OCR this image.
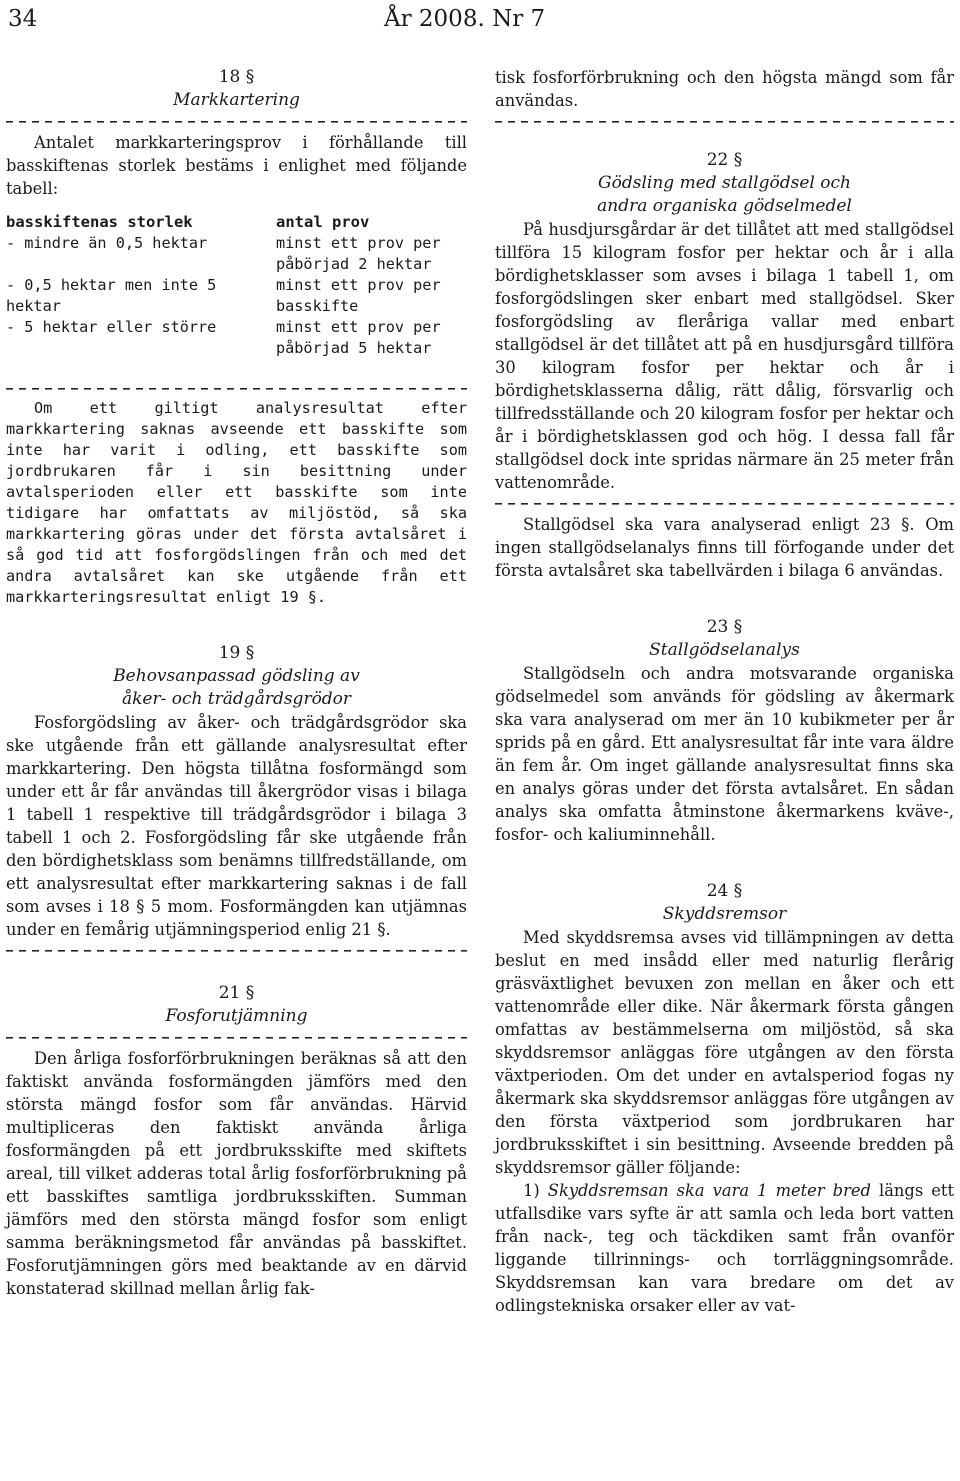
34	År 2008. Nr 7
18 §
Markkartering

Antalet markkarteringsprov i förhållande till basskiftenas storlek bestäms i enlighet med följande tabell:

basskiftenas storlek	antal prov
- mindre än 0,5 hektar	minst ett prov per påbörjad 2 hektar
- 0,5 hektar men inte 5 hektar	minst ett prov per basskifte
- 5 hektar eller större	minst ett prov per påbörjad 5 hektar

Om ett giltigt analysresultat efter markkartering saknas avseende ett basskifte som inte har varit i odling, ett basskifte som jordbrukaren får i sin besittning under avtalsperioden eller ett basskifte som inte tidigare har omfattats av miljöstöd, så ska markkartering göras under det första avtalsåret i så god tid att fosforgödslingen från och med det andra avtalsåret kan ske utgående från ett markkarteringsresultat enligt 19 §.

19 §
Behovsanpassad gödsling av
åker- och trädgårdsgrödor

Fosforgödsling av åker- och trädgårdsgrödor ska ske utgående från ett gällande analysresultat efter markkartering. Den högsta tillåtna fosformängd som under ett år får användas till åkergrödor visas i bilaga 1 tabell 1 respektive till trädgårdsgrödor i bilaga 3 tabell 1 och 2. Fosforgödsling får ske utgående från den bördighetsklass som benämns tillfredställande, om ett analysresultat efter markkartering saknas i de fall som avses i 18 § 5 mom. Fosformängden kan utjämnas under en femårig utjämningsperiod enlig 21 §.

21 §
Fosforutjämning

Den årliga fosforförbrukningen beräknas så att den faktiskt använda fosformängden jämförs med den största mängd fosfor som får användas. Härvid multipliceras den faktiskt använda årliga fosformängden på ett jordbruksskifte med skiftets areal, till vilket adderas total årlig fosforförbrukning på ett basskiftes samtliga jordbruksskiften. Summan jämförs med den största mängd fosfor som enligt samma beräkningsmetod får användas på basskiftet. Fosforutjämningen görs med beaktande av en därvid konstaterad skillnad mellan årlig fak-

tisk fosforförbrukning och den högsta mängd som får användas.

22 §
Gödsling med stallgödsel och
andra organiska gödselmedel

På husdjursgårdar är det tillåtet att med stallgödsel tillföra 15 kilogram fosfor per hektar och år i alla bördighetsklasser som avses i bilaga 1 tabell 1, om fosforgödslingen sker enbart med stallgödsel. Sker fosforgödsling av fleråriga vallar med enbart stallgödsel är det tillåtet att på en husdjursgård tillföra 30 kilogram fosfor per hektar och år i bördighetsklasserna dålig, rätt dålig, försvarlig och tillfredsställande och 20 kilogram fosfor per hektar och år i bördighetsklassen god och hög. I dessa fall får stallgödsel dock inte spridas närmare än 25 meter från vattenområde.

Stallgödsel ska vara analyserad enligt 23 §. Om ingen stallgödselanalys finns till förfogande under det första avtalsåret ska tabellvärden i bilaga 6 användas.

23 §
Stallgödselanalys

Stallgödseln och andra motsvarande organiska gödselmedel som används för gödsling av åkermark ska vara analyserad om mer än 10 kubikmeter per år sprids på en gård. Ett analysresultat får inte vara äldre än fem år. Om inget gällande analysresultat finns ska en analys göras under det första avtalsåret. En sådan analys ska omfatta åtminstone åkermarkens kväve-, fosfor- och kaliuminnehåll.

24 §
Skyddsremsor

Med skyddsremsa avses vid tillämpningen av detta beslut en med insådd eller med naturlig flerårig gräsväxtlighet bevuxen zon mellan en åker och ett vattenområde eller dike. När åkermark första gången omfattas av bestämmelserna om miljöstöd, så ska skyddsremsor anläggas före utgången av den första växtperioden. Om det under en avtalsperiod fogas ny åkermark ska skyddsremsor anläggas före utgången av den första växtperiod som jordbrukaren har jordbruksskiftet i sin besittning. Avseende bredden på skyddsremsor gäller följande:

1) Skyddsremsan ska vara 1 meter bred längs ett utfallsdike vars syfte är att samla och leda bort vatten från nack-, teg och täckdiken samt från ovanför liggande tillrinnings- och torrläggningsområde. Skyddsremsan kan vara bredare om det av odlingstekniska orsaker eller av vat-
